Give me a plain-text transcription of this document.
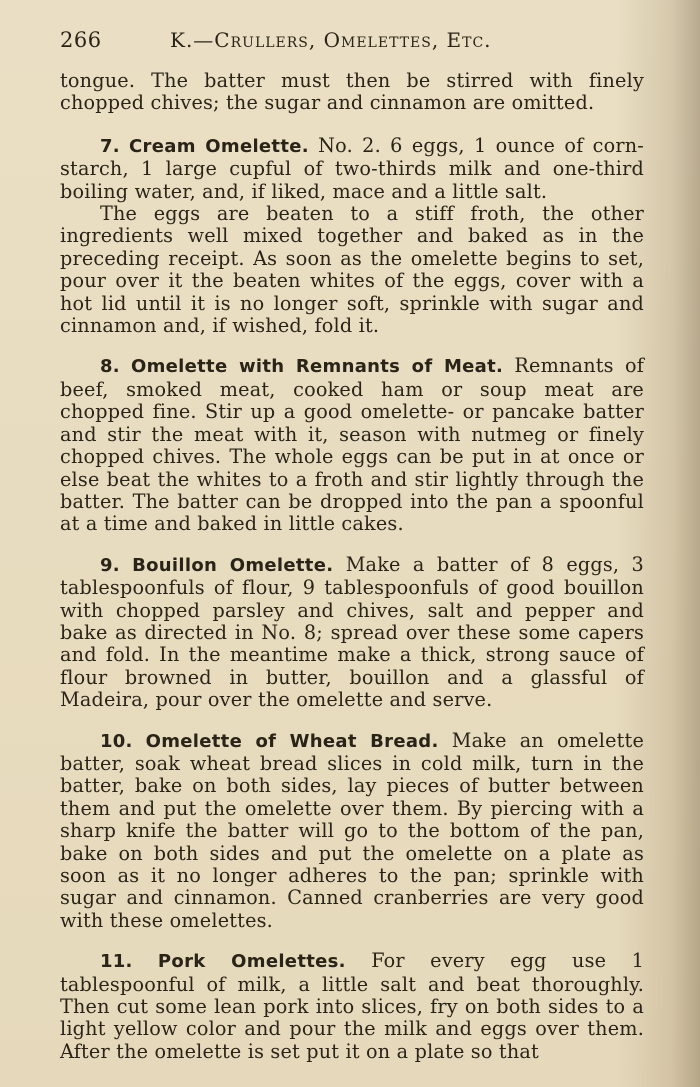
266	K.—Crullers, Omelettes, Etc.

tongue. The batter must then be stirred with finely chopped chives; the sugar and cinnamon are omitted.

7. Cream Omelette. No. 2. 6 eggs, 1 ounce of corn-starch, 1 large cupful of two-thirds milk and one-third boiling water, and, if liked, mace and a little salt.

The eggs are beaten to a stiff froth, the other ingredients well mixed together and baked as in the preceding receipt. As soon as the omelette begins to set, pour over it the beaten whites of the eggs, cover with a hot lid until it is no longer soft, sprinkle with sugar and cinnamon and, if wished, fold it.

8. Omelette with Remnants of Meat. Remnants of beef, smoked meat, cooked ham or soup meat are chopped fine. Stir up a good omelette- or pancake batter and stir the meat with it, season with nutmeg or finely chopped chives. The whole eggs can be put in at once or else beat the whites to a froth and stir lightly through the batter. The batter can be dropped into the pan a spoonful at a time and baked in little cakes.

9. Bouillon Omelette. Make a batter of 8 eggs, 3 tablespoonfuls of flour, 9 tablespoonfuls of good bouillon with chopped parsley and chives, salt and pepper and bake as directed in No. 8; spread over these some capers and fold. In the meantime make a thick, strong sauce of flour browned in butter, bouillon and a glassful of Madeira, pour over the omelette and serve.

10. Omelette of Wheat Bread. Make an omelette batter, soak wheat bread slices in cold milk, turn in the batter, bake on both sides, lay pieces of butter between them and put the omelette over them. By piercing with a sharp knife the batter will go to the bottom of the pan, bake on both sides and put the omelette on a plate as soon as it no longer adheres to the pan; sprinkle with sugar and cinnamon. Canned cranberries are very good with these omelettes.

11. Pork Omelettes. For every egg use 1 tablespoonful of milk, a little salt and beat thoroughly. Then cut some lean pork into slices, fry on both sides to a light yellow color and pour the milk and eggs over them. After the omelette is set put it on a plate so that
